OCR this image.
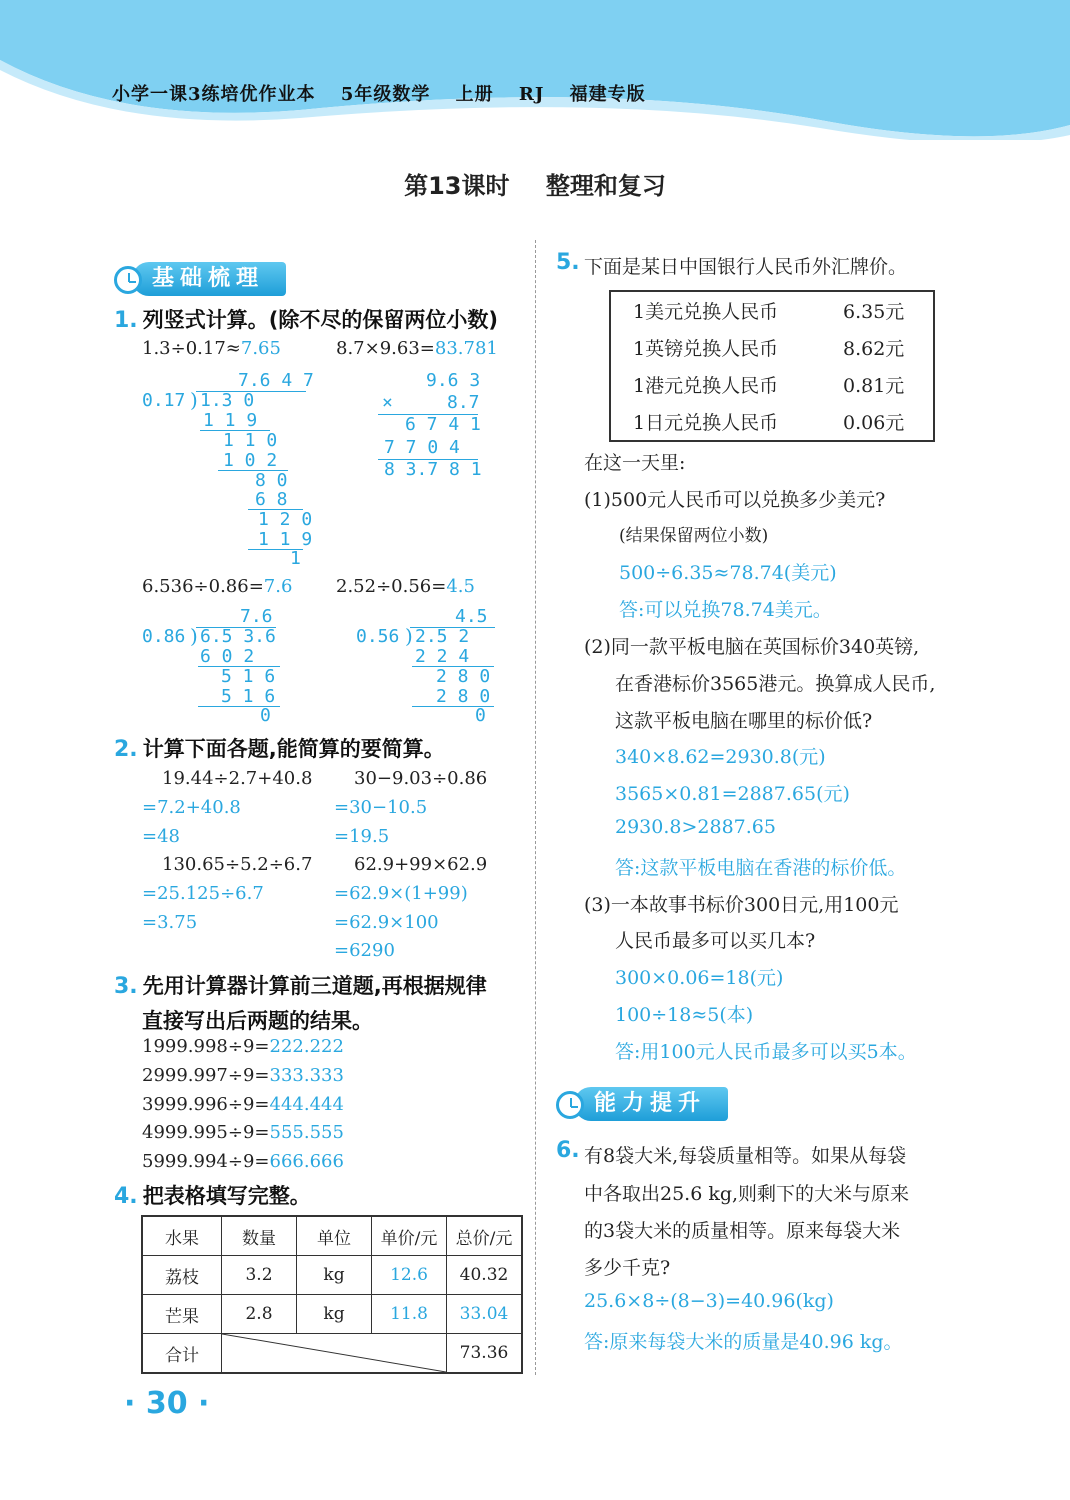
小学一课3练培优作业本 5年级数学 上册 RJ 福建专版
第13课时 整理和复习
基础梳理
1. 列竖式计算。(除不尽的保留两位小数)
1.3÷0.17≈7.65	8.7×9.63=83.781
7.6 4 7
0.17 ) 1.3 0
1 1 9
1 1 0
1 0 2
8 0
6 8
1 2 0
1 1 9
1
9.6 3
×	8.7
6 7 4 1
7 7 0 4
8 3.7 8 1
6.536÷0.86=7.6 2.52÷0.56=4.5
7.6
0.86 ) 6.5 3.6
6 0 2
5 1 6
5 1 6
0
4.5
0.56 ) 2.5 2
2 2 4
2 8 0
2 8 0
0
2. 计算下面各题,能简算的要简算。
19.44÷2.7+40.8
=7.2+40.8
=48
30−9.03÷0.86
=30−10.5
=19.5
130.65÷5.2÷6.7
=25.125÷6.7
=3.75
62.9+99×62.9
=62.9×(1+99)
=62.9×100
=6290
3. 先用计算器计算前三道题,再根据规律
直接写出后两题的结果。
1999.998÷9=222.222
2999.997÷9=333.333
3999.996÷9=444.444
4999.995÷9=555.555
5999.994÷9=666.666
4. 把表格填写完整。
水果	数量	单位	单价/元	总价/元
荔枝	3.2	kg	12.6	40.32
芒果	2.8	kg	11.8	33.04
合计				73.36
· 30 ·
5. 下面是某日中国银行人民币外汇牌价。
1美元兑换人民币	6.35元
1英镑兑换人民币	8.62元
1港元兑换人民币	0.81元
1日元兑换人民币	0.06元
在这一天里:
(1)500元人民币可以兑换多少美元?
(结果保留两位小数)
500÷6.35≈78.74(美元)
答:可以兑换78.74美元。
(2)同一款平板电脑在英国标价340英镑,
在香港标价3565港元。换算成人民币,
这款平板电脑在哪里的标价低?
340×8.62=2930.8(元)
3565×0.81=2887.65(元)
2930.8>2887.65
答:这款平板电脑在香港的标价低。
(3)一本故事书标价300日元,用100元
人民币最多可以买几本?
300×0.06=18(元)
100÷18≈5(本)
答:用100元人民币最多可以买5本。
能力提升
6. 有8袋大米,每袋质量相等。如果从每袋
中各取出25.6 kg,则剩下的大米与原来
的3袋大米的质量相等。原来每袋大米
多少千克?
25.6×8÷(8−3)=40.96(kg)
答:原来每袋大米的质量是40.96 kg。
